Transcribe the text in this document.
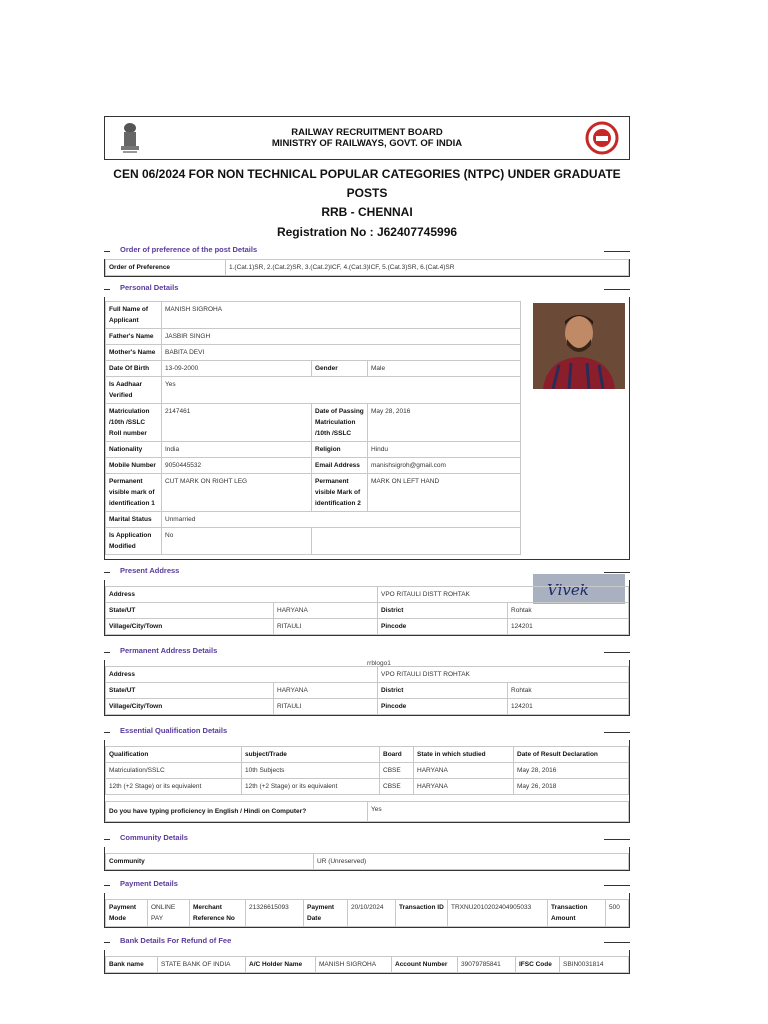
RAILWAY RECRUITMENT BOARD
MINISTRY OF RAILWAYS, GOVT. OF INDIA
CEN 06/2024 FOR NON TECHNICAL POPULAR CATEGORIES (NTPC) UNDER GRADUATE
POSTS
RRB - CHENNAI
Registration No : J62407745996
Order of preference of the post Details
Order of Preference	1.(Cat.1)SR, 2.(Cat.2)SR, 3.(Cat.2)ICF, 4.(Cat.3)ICF, 5.(Cat.3)SR, 6.(Cat.4)SR
Personal Details
Full Name of Applicant	MANISH SIGROHA		
Father's Name	JASBIR SINGH		
Mother's Name	BABITA DEVI		
Date Of Birth	13-09-2000	Gender	Male
Is Aadhaar Verified	Yes		
Matriculation /10th /SSLC Roll number	2147461	Date of Passing Matriculation /10th /SSLC	May 28, 2016
Nationality	India	Religion	Hindu
Mobile Number	9050445532	Email Address	manishsigroh@gmail.com
Permanent visible mark of identification 1	CUT MARK ON RIGHT LEG	Permanent visible Mark of identification 2	MARK ON LEFT HAND
Marital Status	Unmarried		
Is Application Modified	No		
Vivek
Present Address
Address		VPO RITAULI DISTT ROHTAK	
State/UT	HARYANA	District	Rohtak
Village/City/Town	RITAULI	Pincode	124201
Permanent Address Details
rrblogo1
Address		VPO RITAULI DISTT ROHTAK	
State/UT	HARYANA	District	Rohtak
Village/City/Town	RITAULI	Pincode	124201
Essential Qualification Details
Qualification	subject/Trade	Board	State in which studied	Date of Result Declaration
Matriculation/SSLC	10th Subjects	CBSE	HARYANA	May 28, 2016
12th (+2 Stage) or its equivalent	12th (+2 Stage) or its equivalent	CBSE	HARYANA	May 26, 2018
Do you have typing proficiency in English / Hindi on Computer?	Yes
Community Details
Community	UR (Unreserved)
Payment Details
Payment Mode	ONLINE PAY	Merchant Reference No	21326615093	Payment Date	20/10/2024	Transaction ID	TRXNU2010202404905033	Transaction Amount	500
Bank Details For Refund of Fee
Bank name	STATE BANK OF INDIA	A/C Holder Name	MANISH SIGROHA	Account Number	39079785841	IFSC Code	SBIN0031814
